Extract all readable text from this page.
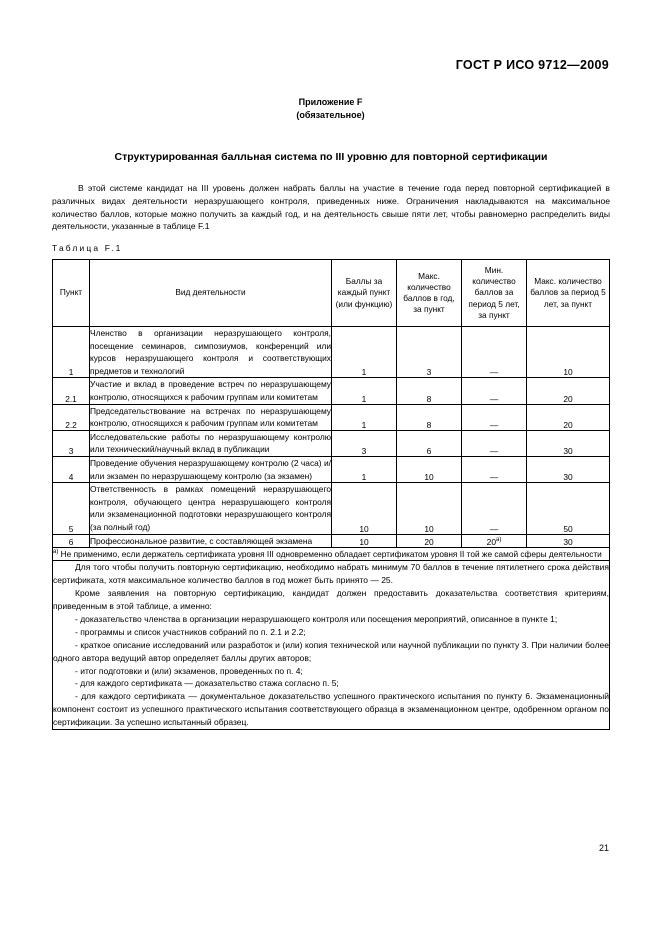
ГОСТ Р ИСО 9712—2009
Приложение F
(обязательное)
Структурированная балльная система по III уровню для повторной сертификации
В этой системе кандидат на III уровень должен набрать баллы на участие в течение года перед повторной сертификацией в различных видах деятельности неразрушающего контроля, приведенных ниже. Ограничения накладываются на максимальное количество баллов, которые можно получить за каждый год, и на деятельность свыше пяти лет, чтобы равномерно распределить виды деятельности, указанные в таблице F.1
Таблица F.1
Пункт	Вид деятельности	Баллы за каждый пункт (или функцию)	Макс. количество баллов в год, за пункт	Мин. количество баллов за период 5 лет, за пункт	Макс. количество баллов за период 5 лет, за пункт
1	Членство в организации неразрушающего контроля, посещение семинаров, симпозиумов, конференций или курсов неразрушающего контроля и соответствующих предметов и технологий	1	3	—	10
2.1	Участие и вклад в проведение встреч по неразрушающему контролю, относящихся к рабочим группам или комитетам	1	8	—	20
2.2	Председательствование на встречах по неразрушающему контролю, относящихся к рабочим группам или комитетам	1	8	—	20
3	Исследовательские работы по неразрушающему контролю или технический/научный вклад в публикации	3	6	—	30
4	Проведение обучения неразрушающему контролю (2 часа) и/или экзамен по неразрушающему контролю (за экзамен)	1	10	—	30
5	Ответственность в рамках помещений неразрушающего контроля, обучающего центра неразрушающего контроля или экзаменационной подготовки неразрушающего контроля (за полный год)	10	10	—	50
6	Профессиональное развитие, с составляющей экзамена	10	20	$20^{а)}$	30
$^{а)}$ Не применимо, если держатель сертификата уровня III одновременно обладает сертификатом уровня II той же самой сферы деятельности					

Для того чтобы получить повторную сертификацию, необходимо набрать минимум 70 баллов в течение пятилетнего срока действия сертификата, хотя максимальное количество баллов в год может быть принято — 25.

Кроме заявления на повторную сертификацию, кандидат должен предоставить доказательства соответствия критериям, приведенным в этой таблице, а именно:

- доказательство членства в организации неразрушающего контроля или посещения мероприятий, описанное в пункте 1;

- программы и список участников собраний по п. 2.1 и 2.2;

- краткое описание исследований или разработок и (или) копия технической или научной публикации по пункту 3. При наличии более одного автора ведущий автор определяет баллы других авторов;

- итог подготовки и (или) экзаменов, проведенных по п. 4;

- для каждого сертификата — доказательство стажа согласно п. 5;

- для каждого сертификата — документальное доказательство успешного практического испытания по пункту 6. Экзаменационный компонент состоит из успешного практического испытания соответствующего образца в экзаменационном центре, одобренном органом по сертификации. За успешно испытанный образец.

21
